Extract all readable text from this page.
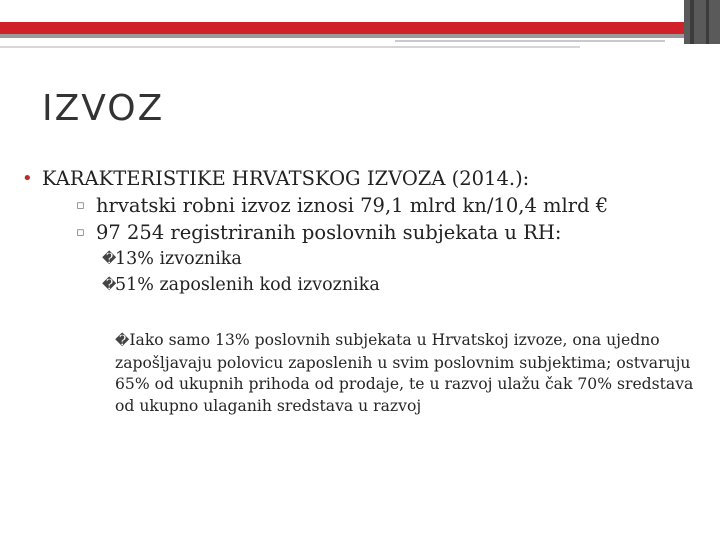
IZVOZ
• KARAKTERISTIKE HRVATSKOG IZVOZA (2014.):
▫ hrvatski robni izvoz iznosi 79,1 mlrd kn/10,4 mlrd €
▫ 97 254 registriranih poslovnih subjekata u RH:
�
13% izvoznika
�
51% zaposlenih kod izvoznika
�Iako samo 13% poslovnih subjekata u Hrvatskoj izvoze, ona ujedno zapošljavaju polovicu zaposlenih u svim poslovnim subjektima; ostvaruju 65% od ukupnih prihoda od prodaje, te u razvoj ulažu čak 70% sredstava od ukupno ulaganih sredstava u razvoj
